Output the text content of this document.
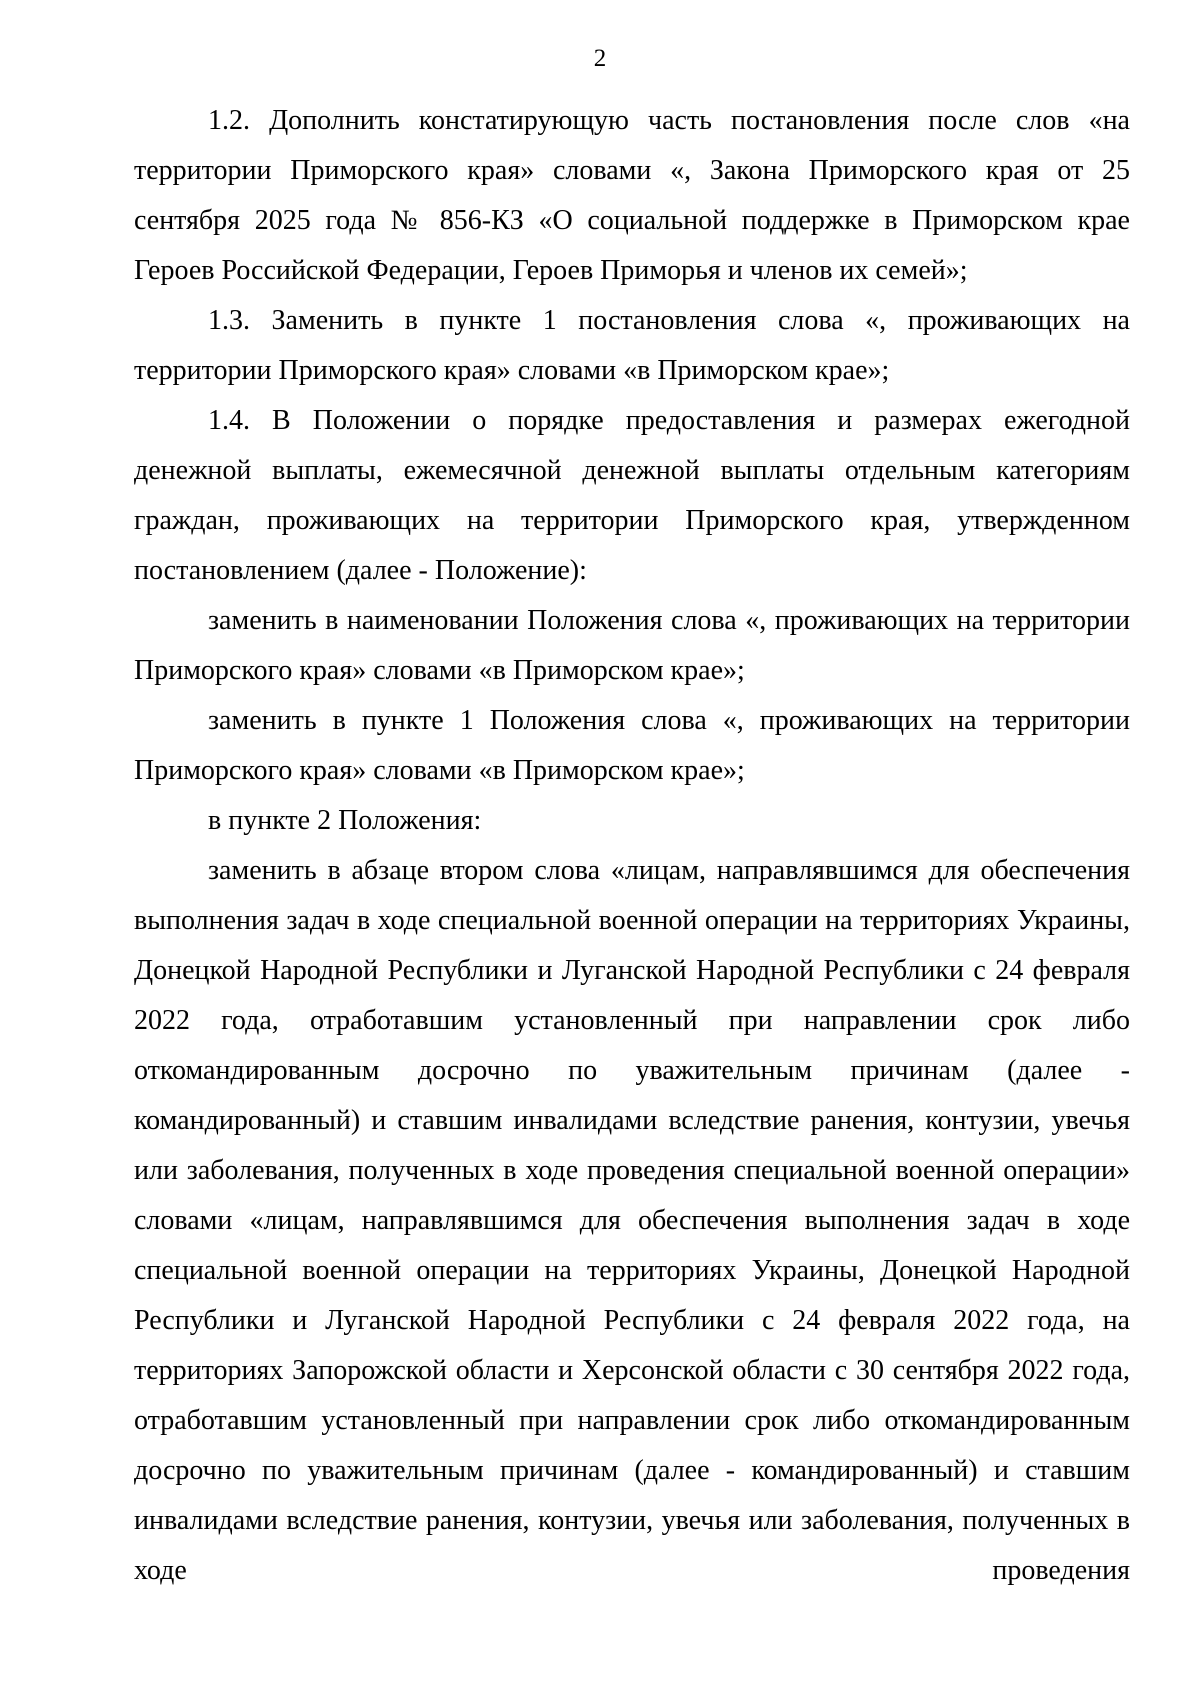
2

1.2. Дополнить констатирующую часть постановления после слов «на территории Приморского края» словами «, Закона Приморского края от 25 сентября 2025 года № 856-КЗ «О социальной поддержке в Приморском крае Героев Российской Федерации, Героев Приморья и членов их семей»;

1.3. Заменить в пункте 1 постановления слова «, проживающих на территории Приморского края» словами «в Приморском крае»;

1.4. В Положении о порядке предоставления и размерах ежегодной денежной выплаты, ежемесячной денежной выплаты отдельным категориям граждан, проживающих на территории Приморского края, утвержденном постановлением (далее - Положение):

заменить в наименовании Положения слова «, проживающих на территории Приморского края» словами «в Приморском крае»;

заменить в пункте 1 Положения слова «, проживающих на территории Приморского края» словами «в Приморском крае»;

в пункте 2 Положения:

заменить в абзаце втором слова «лицам, направлявшимся для обеспечения выполнения задач в ходе специальной военной операции на территориях Украины, Донецкой Народной Республики и Луганской Народной Республики с 24 февраля 2022 года, отработавшим установленный при направлении срок либо откомандированным досрочно по уважительным причинам (далее - командированный) и ставшим инвалидами вследствие ранения, контузии, увечья или заболевания, полученных в ходе проведения специальной военной операции» словами «лицам, направлявшимся для обеспечения выполнения задач в ходе специальной военной операции на территориях Украины, Донецкой Народной Республики и Луганской Народной Республики с 24 февраля 2022 года, на территориях Запорожской области и Херсонской области с 30 сентября 2022 года, отработавшим установленный при направлении срок либо откомандированным досрочно по уважительным причинам (далее - командированный) и ставшим инвалидами вследствие ранения, контузии, увечья или заболевания, полученных в ходе проведения
